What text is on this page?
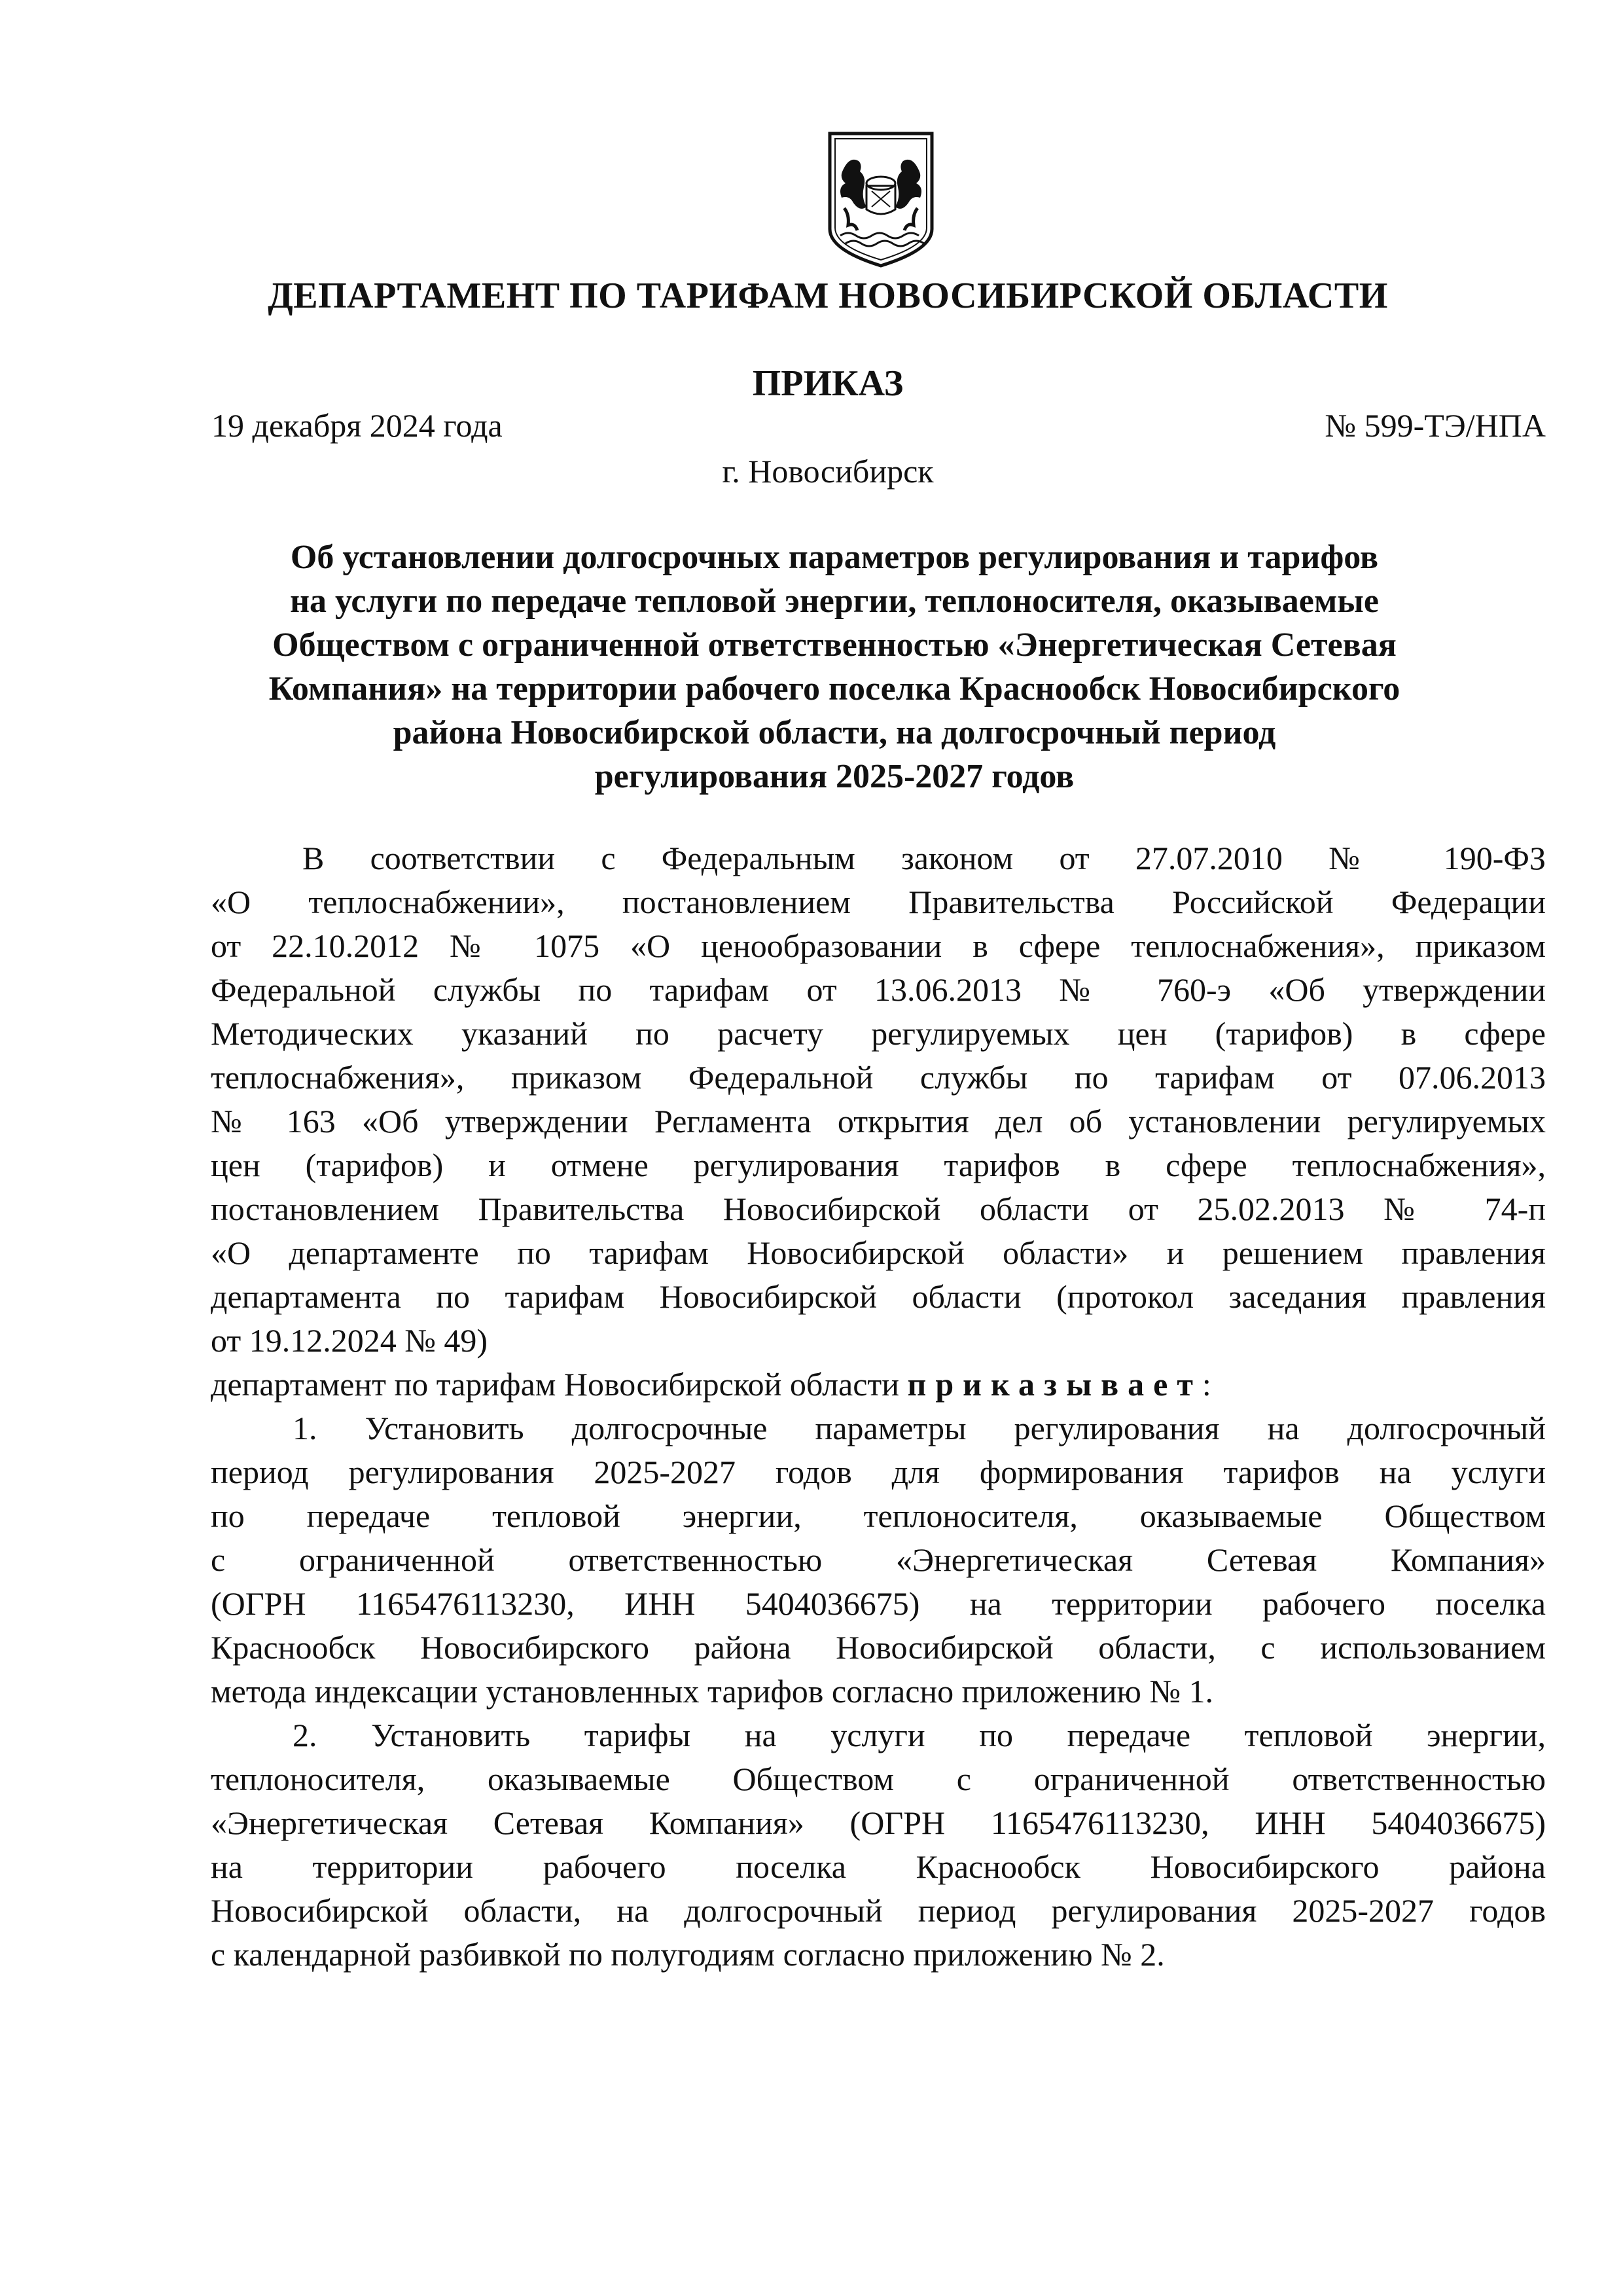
ДЕПАРТАМЕНТ ПО ТАРИФАМ НОВОСИБИРСКОЙ ОБЛАСТИ
ПРИКАЗ
19 декабря 2024 года	№ 599-ТЭ/НПА
г. Новосибирск
Об установлении долгосрочных параметров регулирования и тарифов
на услуги по передаче тепловой энергии, теплоносителя, оказываемые
Обществом с ограниченной ответственностью «Энергетическая Сетевая
Компания» на территории рабочего поселка Краснообск Новосибирского
района Новосибирской области, на долгосрочный период
регулирования 2025-2027 годов
В соответствии с Федеральным законом от 27.07.2010 № 190-ФЗ
«О теплоснабжении», постановлением Правительства Российской Федерации
от 22.10.2012 № 1075 «О ценообразовании в сфере теплоснабжения», приказом
Федеральной службы по тарифам от 13.06.2013 № 760-э «Об утверждении
Методических указаний по расчету регулируемых цен (тарифов) в сфере
теплоснабжения», приказом Федеральной службы по тарифам от 07.06.2013
№ 163 «Об утверждении Регламента открытия дел об установлении регулируемых
цен (тарифов) и отмене регулирования тарифов в сфере теплоснабжения»,
постановлением Правительства Новосибирской области от 25.02.2013 № 74-п
«О департаменте по тарифам Новосибирской области» и решением правления
департамента по тарифам Новосибирской области (протокол заседания правления
от 19.12.2024 № 49)
департамент по тарифам Новосибирской области приказывает:
1. Установить долгосрочные параметры регулирования на долгосрочный
период регулирования 2025-2027 годов для формирования тарифов на услуги
по передаче тепловой энергии, теплоносителя, оказываемые Обществом
с ограниченной ответственностью «Энергетическая Сетевая Компания»
(ОГРН 1165476113230, ИНН 5404036675) на территории рабочего поселка
Краснообск Новосибирского района Новосибирской области, с использованием
метода индексации установленных тарифов согласно приложению № 1.
2. Установить тарифы на услуги по передаче тепловой энергии,
теплоносителя, оказываемые Обществом с ограниченной ответственностью
«Энергетическая Сетевая Компания» (ОГРН 1165476113230, ИНН 5404036675)
на территории рабочего поселка Краснообск Новосибирского района
Новосибирской области, на долгосрочный период регулирования 2025-2027 годов
с календарной разбивкой по полугодиям согласно приложению № 2.
